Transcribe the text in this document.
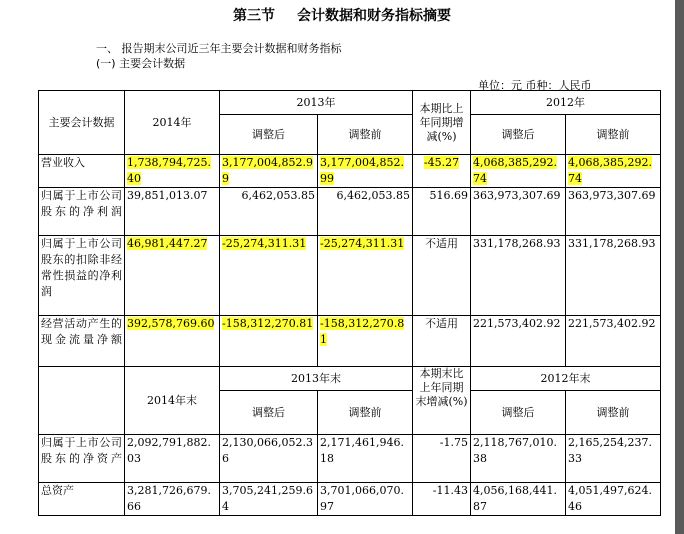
第三节 会计数据和财务指标摘要
一、 报告期末公司近三年主要会计数据和财务指标
(一) 主要会计数据
单位：元 币种：人民币
主要会计数据	2014年	2013年		本期比上年同期增减(%)	2012年	
		调整后	调整前		调整后	调整前
营业收入	1,738,794,725.40	3,177,004,852.99	3,177,004,852.99	-45.27	4,068,385,292.74	4,068,385,292.74
归属于上市公司股东的净利润	39,851,013.07	6,462,053.85	6,462,053.85	516.69	363,973,307.69	363,973,307.69
归属于上市公司股东的扣除非经常性损益的净利润	46,981,447.27	-25,274,311.31	-25,274,311.31	不适用	331,178,268.93	331,178,268.93
经营活动产生的现金流量净额	392,578,769.60	-158,312,270.81	-158,312,270.81	不适用	221,573,402.92	221,573,402.92
	2014年末	2013年末		本期末比上年同期末增减(%)	2012年末	
		调整后	调整前		调整后	调整前
归属于上市公司股东的净资产	2,092,791,882.03	2,130,066,052.36	2,171,461,946.18	-1.75	2,118,767,010.38	2,165,254,237.33
总资产	3,281,726,679.66	3,705,241,259.64	3,701,066,070.97	-11.43	4,056,168,441.87	4,051,497,624.46
